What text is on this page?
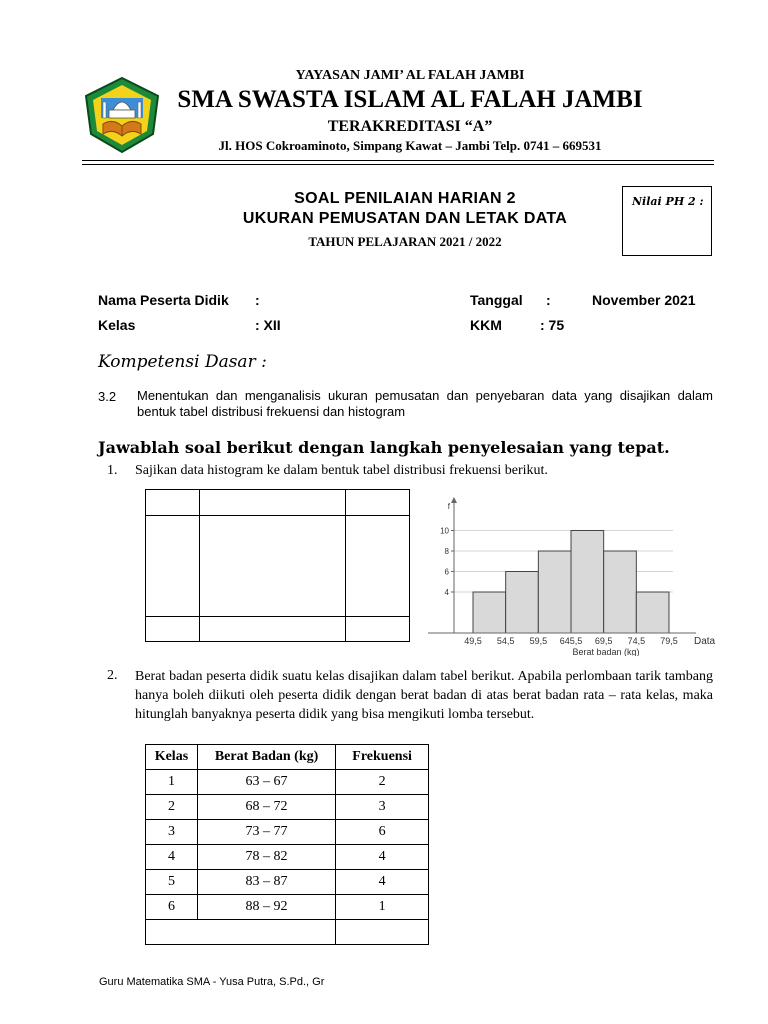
YAYASAN JAMI’ AL FALAH JAMBI
SMA SWASTA ISLAM AL FALAH JAMBI
TERAKREDITASI “A”
Jl. HOS Cokroaminoto, Simpang Kawat – Jambi Telp. 0741 – 669531
SOAL PENILAIAN HARIAN 2
UKURAN PEMUSATAN DAN LETAK DATA
TAHUN PELAJARAN 2021 / 2022
Nilai PH 2 :
Nama Peserta Didik :
Kelas	: XII
Tanggal :	November 2021
KKM	: 75
Kompetensi Dasar :
3.2 Menentukan dan menganalisis ukuran pemusatan dan penyebaran data yang disajikan dalam bentuk tabel distribusi frekuensi dan histogram
Jawablah soal berikut dengan langkah penyelesaian yang tepat.
1. Sajikan data histogram ke dalam bentuk tabel distribusi frekuensi berikut.

4
6
8
10
49,5 54,5 59,5 645,5 69,5 74,5 79,5
f
Data
Berat badan (kg)
2. Berat badan peserta didik suatu kelas disajikan dalam tabel berikut. Apabila perlombaan tarik tambang hanya boleh diikuti oleh peserta didik dengan berat badan di atas berat badan rata – rata kelas, maka hitunglah banyaknya peserta didik yang bisa mengikuti lomba tersebut.
Kelas	Berat Badan (kg)	Frekuensi
1	63 – 67	2
2	68 – 72	3
3	73 – 77	6
4	78 – 82	4
5	83 – 87	4
6	88 – 92	1

Guru Matematika SMA - Yusa Putra, S.Pd., Gr
